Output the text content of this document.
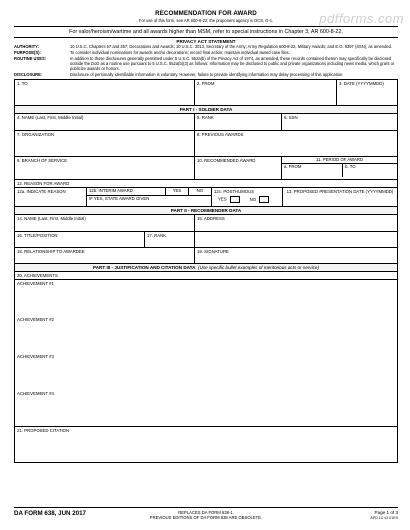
pdfforms.com
RECOMMENDATION FOR AWARD
For use of this form, see AR 600-8-22; the proponent agency is DCS, G-1.
For valor/heroism/wartime and all awards higher than MSM, refer to special instructions in Chapter 3, AR 600-8-22.
PRIVACY ACT STATEMENT
AUTHORITY:	10 U.S.C. Chapters 57 and 357; Decorations and Awards; 10 U.S.C. 3013, Secretary of the Army; Army Regulation 600-8-22, Military Awards; and E.O. 9397 (SSN), as amended.
PURPOSE(S):	To consider individual nominations for awards and/or decorations; record final action; maintain individual award case files.
ROUTINE USES:	In addition to those disclosures generally permitted under 5 U.S.C. 552a(b) of the Privacy Act of 1974, as amended, these records contained therein may specifically be disclosed outside the DoD as a routine use pursuant to 5 U.S.C. 552a(b)(3) as follows: Information may be disclosed to public and private organizations including news media, which grant or publicize awards or honors.
DISCLOSURE:	Disclosure of personally identifiable information is voluntary. However, failure to provide identifying information may delay processing of this application.
1. TO	2. FROM	3. DATE (YYYYMMDD)
PART I - SOLDIER DATA
4. NAME (Last, First, Middle Initial)	5. RANK	6. SSN
7. ORGANIZATION	8. PREVIOUS AWARDS
9. BRANCH OF SERVICE	10. RECOMMENDED AWARD	11. PERIOD OF AWARD
a. FROM	b. TO
12. REASON FOR AWARD
12a. INDICATE REASON	12b. INTERIM AWARD	YES	NO
IF YES, STATE AWARD GIVEN
12c. POSTHUMOUS
YES	NO
13. PROPOSED PRESENTATION DATE (YYYYMMDD)
PART II - RECOMMENDER DATA
14. NAME (Last, First, Middle Initial)	15. ADDRESS
16. TITLE/POSITION	17. RANK
18. RELATIONSHIP TO AWARDEE	19. SIGNATURE
PART III - JUSTIFICATION AND CITATION DATA (Use specific bullet examples of meritorious acts or service)
20. ACHIEVEMENTS
ACHIEVEMENT #1
ACHIEVEMENT #2
ACHIEVEMENT #3
ACHIEVEMENT #4
21. PROPOSED CITATION
DA FORM 638, JUN 2017	REPLACES DA FORM 638-1.
PREVIOUS EDITIONS OF DA FORM 638 ARE OBSOLETE.
Page 1 of 3
APD LC v2.01ES
